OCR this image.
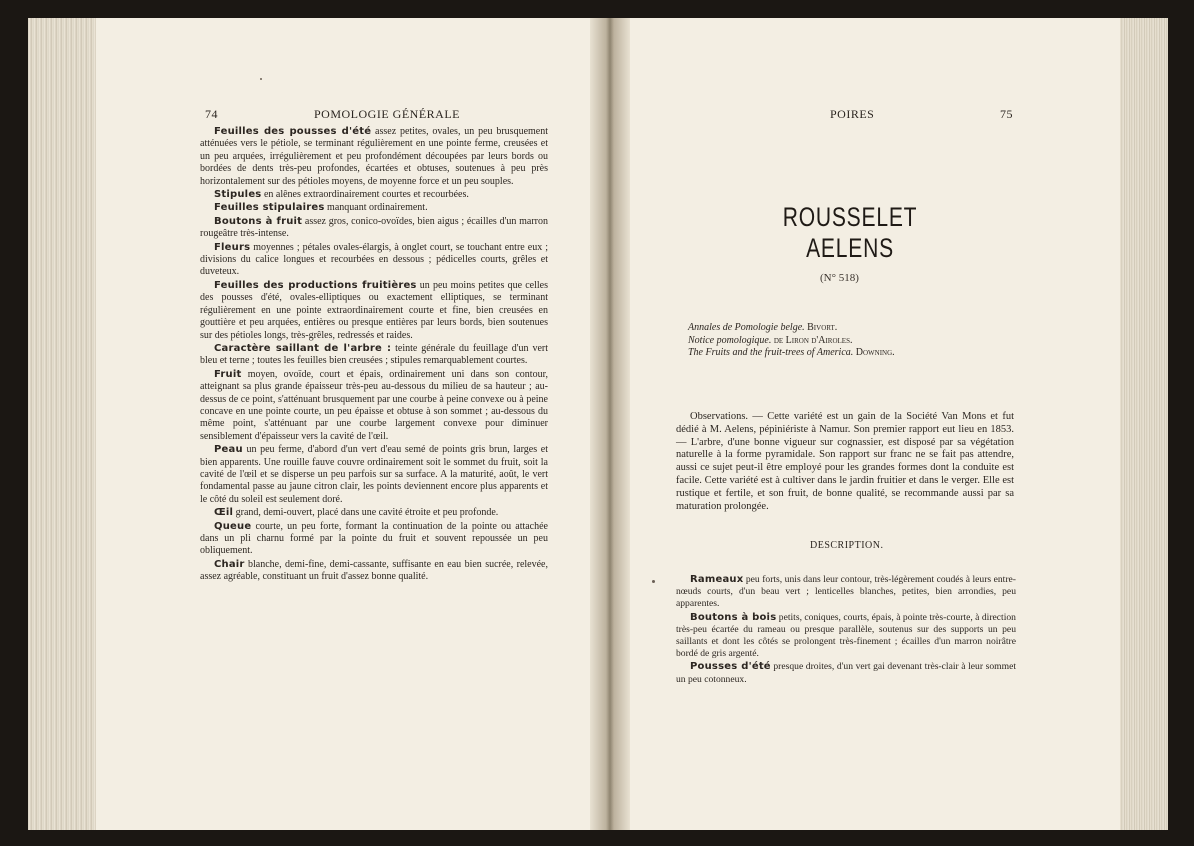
74	POMOLOGIE GÉNÉRALE

Feuilles des pousses d'été assez petites, ovales, un peu brusquement atténuées vers le pétiole, se terminant régulièrement en une pointe ferme, creusées et un peu arquées, irrégulièrement et peu profondément découpées par leurs bords ou bordées de dents très-peu profondes, écartées et obtuses, soutenues à peu près horizontalement sur des pétioles moyens, de moyenne force et un peu souples.

Stipules en alênes extraordinairement courtes et recourbées.

Feuilles stipulaires manquant ordinairement.

Boutons à fruit assez gros, conico-ovoïdes, bien aigus ; écailles d'un marron rougeâtre très-intense.

Fleurs moyennes ; pétales ovales-élargis, à onglet court, se touchant entre eux ; divisions du calice longues et recourbées en dessous ; pédicelles courts, grêles et duveteux.

Feuilles des productions fruitières un peu moins petites que celles des pousses d'été, ovales-elliptiques ou exactement elliptiques, se terminant régulièrement en une pointe extraordinairement courte et fine, bien creusées en gouttière et peu arquées, entières ou presque entières par leurs bords, bien soutenues sur des pétioles longs, très-grêles, redressés et raides.

Caractère saillant de l'arbre : teinte générale du feuillage d'un vert bleu et terne ; toutes les feuilles bien creusées ; stipules remarquablement courtes.

Fruit moyen, ovoïde, court et épais, ordinairement uni dans son contour, atteignant sa plus grande épaisseur très-peu au-dessous du milieu de sa hauteur ; au-dessus de ce point, s'atténuant brusquement par une courbe à peine convexe ou à peine concave en une pointe courte, un peu épaisse et obtuse à son sommet ; au-dessous du même point, s'atténuant par une courbe largement convexe pour diminuer sensiblement d'épaisseur vers la cavité de l'œil.

Peau un peu ferme, d'abord d'un vert d'eau semé de points gris brun, larges et bien apparents. Une rouille fauve couvre ordinairement soit le sommet du fruit, soit la cavité de l'œil et se disperse un peu parfois sur sa surface. A la maturité, août, le vert fondamental passe au jaune citron clair, les points deviennent encore plus apparents et le côté du soleil est seulement doré.

Œil grand, demi-ouvert, placé dans une cavité étroite et peu profonde.

Queue courte, un peu forte, formant la continuation de la pointe ou attachée dans un pli charnu formé par la pointe du fruit et souvent repoussée un peu obliquement.

Chair blanche, demi-fine, demi-cassante, suffisante en eau bien sucrée, relevée, assez agréable, constituant un fruit d'assez bonne qualité.

POIRES	75
ROUSSELET AELENS
(N° 518)
Annales de Pomologie belge. Bivort.
Notice pomologique. de Liron d'Airoles.
The Fruits and the fruit-trees of America. Downing.

Observations. — Cette variété est un gain de la Société Van Mons et fut dédié à M. Aelens, pépiniériste à Namur. Son premier rapport eut lieu en 1853. — L'arbre, d'une bonne vigueur sur cognassier, est disposé par sa végétation naturelle à la forme pyramidale. Son rapport sur franc ne se fait pas attendre, aussi ce sujet peut-il être employé pour les grandes formes dont la conduite est facile. Cette variété est à cultiver dans le jardin fruitier et dans le verger. Elle est rustique et fertile, et son fruit, de bonne qualité, se recommande aussi par sa maturation prolongée.

DESCRIPTION.

Rameaux peu forts, unis dans leur contour, très-légèrement coudés à leurs entre-nœuds courts, d'un beau vert ; lenticelles blanches, petites, bien arrondies, peu apparentes.

Boutons à bois petits, coniques, courts, épais, à pointe très-courte, à direction très-peu écartée du rameau ou presque parallèle, soutenus sur des supports un peu saillants et dont les côtés se prolongent très-finement ; écailles d'un marron noirâtre bordé de gris argenté.

Pousses d'été presque droites, d'un vert gai devenant très-clair à leur sommet un peu cotonneux.
